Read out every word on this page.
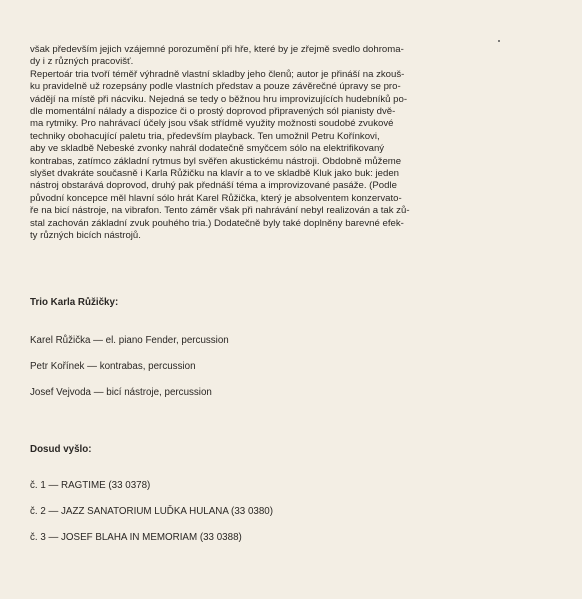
však především jejich vzájemné porozumění při hře, které by je zřejmě svedlo dohroma-
dy i z různých pracovišť.
Repertoár tria tvoří téměř výhradně vlastní skladby jeho členů; autor je přináší na zkouš-
ku pravidelně už rozepsány podle vlastních představ a pouze závěrečné úpravy se pro-
vádějí na místě při nácviku. Nejedná se tedy o běžnou hru improvizujících hudebníků po-
dle momentální nálady a dispozice či o prostý doprovod připravených sól pianisty dvě-
ma rytmiky. Pro nahrávací účely jsou však střídmě využity možnosti soudobé zvukové
techniky obohacující paletu tria, především playback. Ten umožnil Petru Kořínkovi,
aby ve skladbě Nebeské zvonky nahrál dodatečně smyčcem sólo na elektrifikovaný
kontrabas, zatímco základní rytmus byl svěřen akustickému nástroji. Obdobně můžeme
slyšet dvakráte současně i Karla Růžičku na klavír a to ve skladbě Kluk jako buk: jeden
nástroj obstarává doprovod, druhý pak přednáší téma a improvizované pasáže. (Podle
původní koncepce měl hlavní sólo hrát Karel Růžička, který je absolventem konzervato-
ře na bicí nástroje, na vibrafon. Tento záměr však při nahrávání nebyl realizován a tak zů-
stal zachován základní zvuk pouhého tria.) Dodatečně byly také doplněny barevné efek-
ty různých bicích nástrojů.

Trio Karla Růžičky:

Karel Růžička — el. piano Fender, percussion

Petr Kořínek — kontrabas, percussion

Josef Vejvoda — bicí nástroje, percussion

Dosud vyšlo:

č. 1 — RAGTIME (33 0378)

č. 2 — JAZZ SANATORIUM LUĎKA HULANA (33 0380)

č. 3 — JOSEF BLAHA IN MEMORIAM (33 0388)
